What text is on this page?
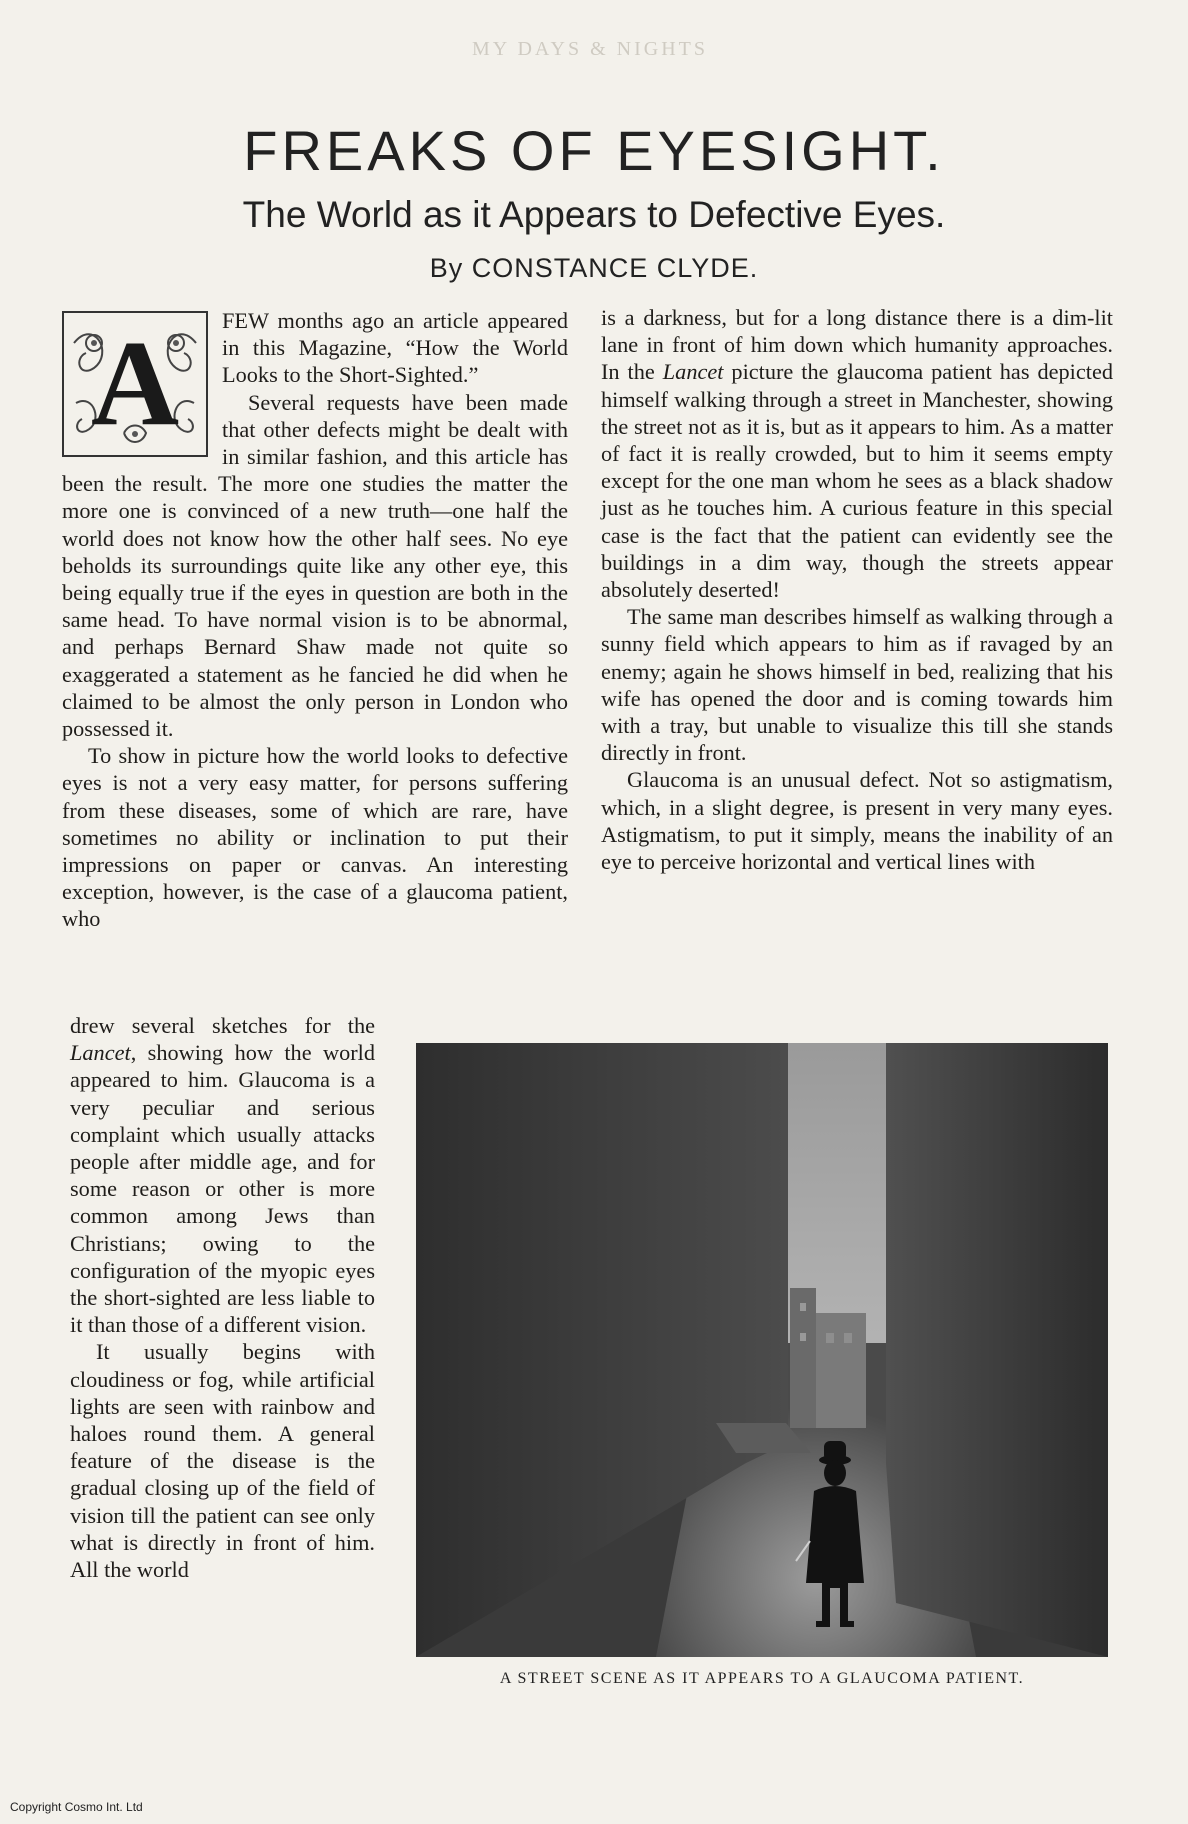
MY DAYS & NIGHTS
FREAKS OF EYESIGHT.
The World as it Appears to Defective Eyes.
By CONSTANCE CLYDE.
A	FEW months ago an article appeared in this Magazine, “How the World Looks to the Short-Sighted.”

Several requests have been made that other defects might be dealt with in similar fashion, and this article has been the result. The more one studies the matter the more one is convinced of a new truth—one half the world does not know how the other half sees. No eye beholds its surroundings quite like any other eye, this being equally true if the eyes in question are both in the same head. To have normal vision is to be abnormal, and perhaps Bernard Shaw made not quite so exaggerated a statement as he fancied he did when he claimed to be almost the only person in London who possessed it.

To show in picture how the world looks to defective eyes is not a very easy matter, for persons suffering from these diseases, some of which are rare, have sometimes no ability or inclination to put their impressions on paper or canvas. An interesting exception, however, is the case of a glaucoma patient, who

drew several sketches for the Lancet, showing how the world appeared to him. Glaucoma is a very peculiar and serious complaint which usually attacks people after middle age, and for some reason or other is more common among Jews than Christians; owing to the configuration of the myopic eyes the short-sighted are less liable to it than those of a different vision.

It usually begins with cloudiness or fog, while artificial lights are seen with rainbow and haloes round them. A general feature of the disease is the gradual closing up of the field of vision till the patient can see only what is directly in front of him. All the world

is a darkness, but for a long distance there is a dim-lit lane in front of him down which humanity approaches. In the Lancet picture the glaucoma patient has depicted himself walking through a street in Manchester, showing the street not as it is, but as it appears to him. As a matter of fact it is really crowded, but to him it seems empty except for the one man whom he sees as a black shadow just as he touches him. A curious feature in this special case is the fact that the patient can evidently see the buildings in a dim way, though the streets appear absolutely deserted!

The same man describes himself as walking through a sunny field which appears to him as if ravaged by an enemy; again he shows himself in bed, realizing that his wife has opened the door and is coming towards him with a tray, but unable to visualize this till she stands directly in front.

Glaucoma is an unusual defect. Not so astigmatism, which, in a slight degree, is present in very many eyes. Astigmatism, to put it simply, means the inability of an eye to perceive horizontal and vertical lines with

A STREET SCENE AS IT APPEARS TO A GLAUCOMA PATIENT.
Copyright Cosmo Int. Ltd
